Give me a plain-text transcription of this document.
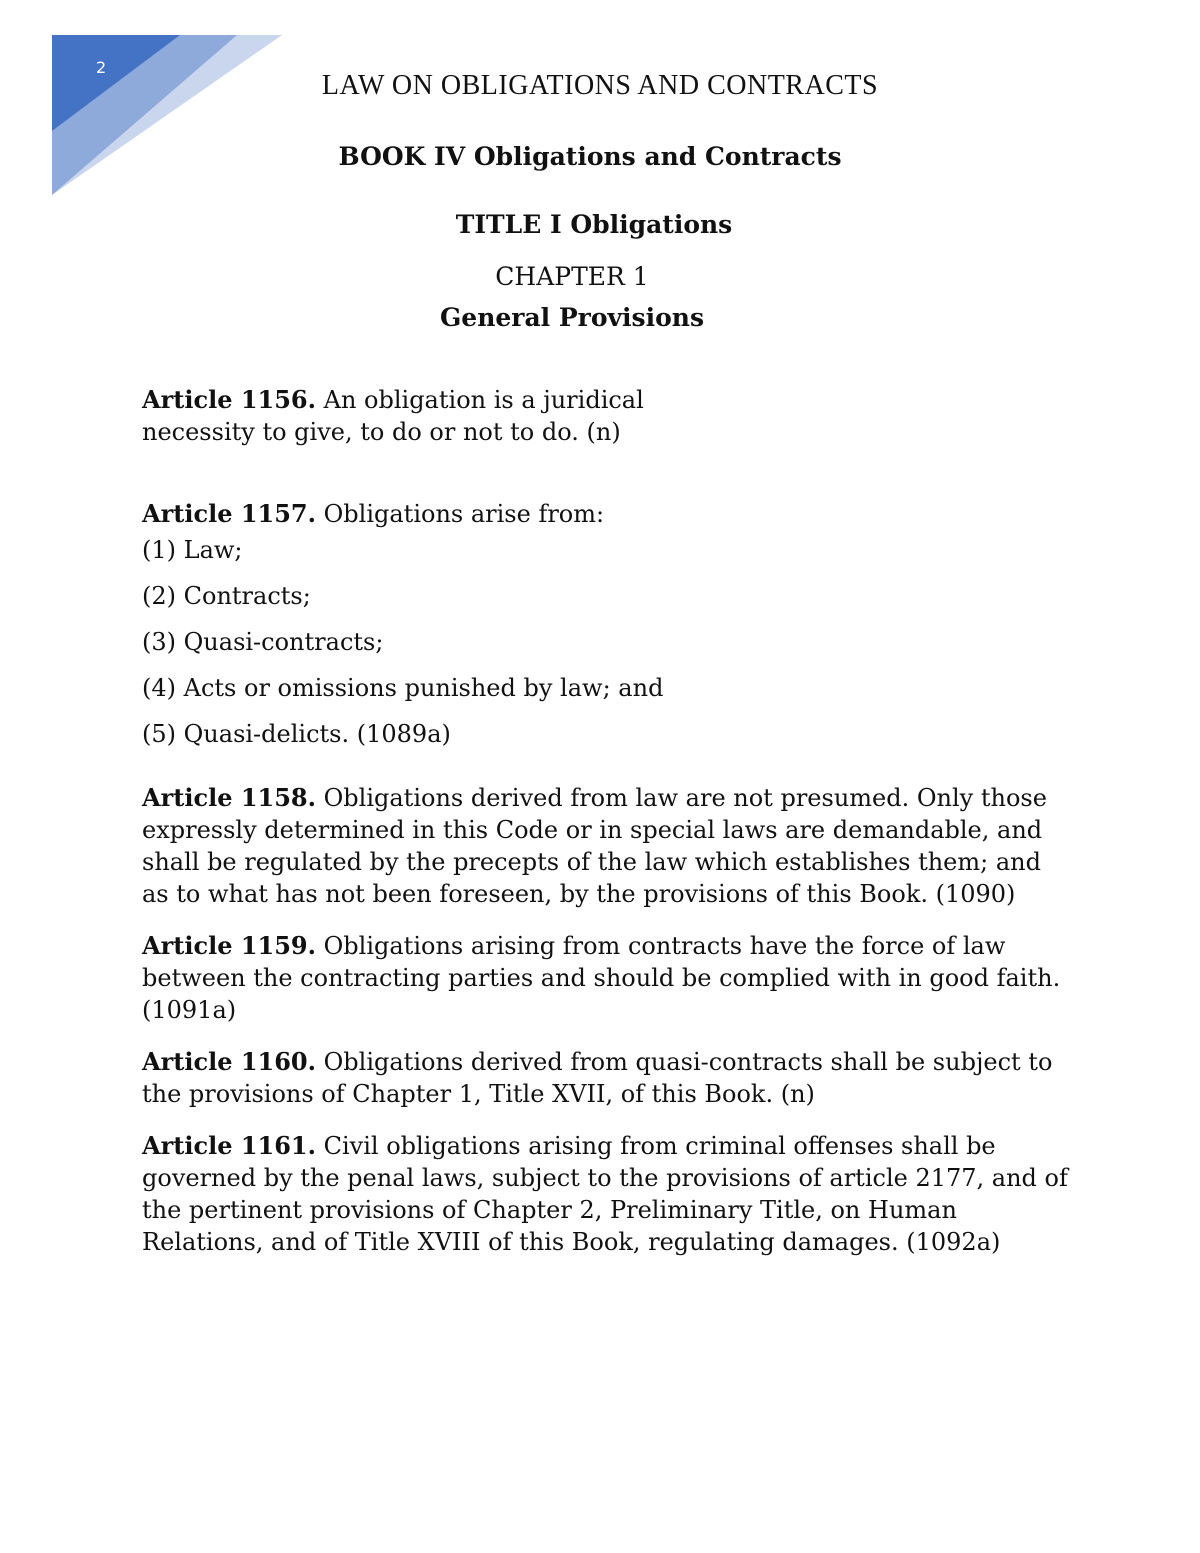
2
LAW ON OBLIGATIONS AND CONTRACTS
BOOK IV Obligations and Contracts
TITLE I Obligations
CHAPTER 1
General Provisions

Article 1156. An obligation is a juridical necessity to give, to do or not to do. (n)

Article 1157. Obligations arise from:

(1) Law;
(2) Contracts;
(3) Quasi-contracts;
(4) Acts or omissions punished by law; and
(5) Quasi-delicts. (1089a)

Article 1158. Obligations derived from law are not presumed. Only those expressly determined in this Code or in special laws are demandable, and shall be regulated by the precepts of the law which establishes them; and as to what has not been foreseen, by the provisions of this Book. (1090)

Article 1159. Obligations arising from contracts have the force of law between the contracting parties and should be complied with in good faith. (1091a)

Article 1160. Obligations derived from quasi-contracts shall be subject to the provisions of Chapter 1, Title XVII, of this Book. (n)

Article 1161. Civil obligations arising from criminal offenses shall be governed by the penal laws, subject to the provisions of article 2177, and of the pertinent provisions of Chapter 2, Preliminary Title, on Human Relations, and of Title XVIII of this Book, regulating damages. (1092a)
